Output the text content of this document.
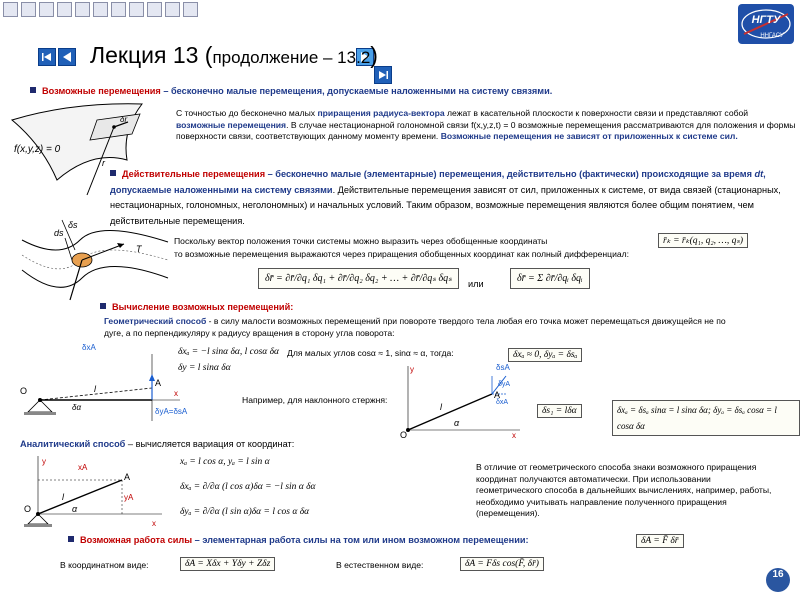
НГТУ
ННГАСУ
Лекция 13 (продолжение – 13.2)
Возможные перемещения – бесконечно малые перемещения, допускаемые наложенными на систему связями.
f(x,y,z) = 0
r
δr
С точностью до бесконечно малых приращения радиуса-вектора лежат в касательной плоскости к поверхности связи и представляют собой возможные перемещения. В случае нестационарной голономной связи f(x,y,z,t) = 0 возможные перемещения рассматриваются для положения и формы поверхности связи, соответствующих данному моменту времени. Возможные перемещения не зависят от приложенных к системе сил.
Действительные перемещения – бесконечно малые (элементарные) перемещения, действительно (фактически) происходящие за время dt, допускаемые наложенными на систему связями. Действительные перемещения зависят от сил, приложенных к системе, от вида связей (стационарных, нестационарных, голономных, неголономных) и начальных условий. Таким образом, возможные перемещения являются более общим понятием, чем действительные перемещения.
ds
δs
T
Поскольку вектор положения точки системы можно выразить через обобщенные координаты	r̄ₖ = r̄ₖ(q₁, q₂, …, qₛ)
то возможные перемещения выражаются через приращения обобщенных координат как полный дифференциал:
δr̄ = ∂r̄/∂q₁ δq₁ + ∂r̄/∂q₂ δq₂ + … + ∂r̄/∂qₛ δqₛ	или	δr̄ = Σ ∂r̄/∂qᵢ δqᵢ
Вычисление возможных перемещений:
Геометрический способ - в силу малости возможных перемещений при повороте твердого тела любая его точка может перемещаться движущейся не по дуге, а по перпендикуляру к радиусу вращения в сторону угла поворота:
δxₐ = −l sinα δα, l cosα δα
δy = l sinα δα
Для малых углов cosα ≈ 1, sinα ≈ α, тогда:	δxₐ ≈ 0, δyₐ = δsₐ
δxA
O	l
A
x
δyA=δsA
δα
Например, для наклонного стержня:
y	δsA
δyA
δxA
A
l
O	x
α
δs₁ = lδα	δxₐ = δsₐ sinα = l sinα δα; δyₐ = δsₐ cosα = l cosα δα
Аналитический способ – вычисляется вариация от координат:
y
xA
A
yA
l
α
O
x
xₐ = l cos α, yₐ = l sin α
δxₐ = ∂/∂α (l cos α)δα = −l sin α δα
δyₐ = ∂/∂α (l sin α)δα = l cos α δα
В отличие от геометрического способа знаки возможного приращения координат получаются автоматически. При использовании геометрического способа в дальнейших вычислениях, например, работы, необходимо учитывать направление полученного приращения (перемещения).
Возможная работа силы – элементарная работа силы на том или ином возможном перемещении:	δA = F̄ δr̄
В координатном виде:	δA = Xδx + Yδy + Zδz	В естественном виде:	δA = Fδs cos(F̄, δr̄)
16
